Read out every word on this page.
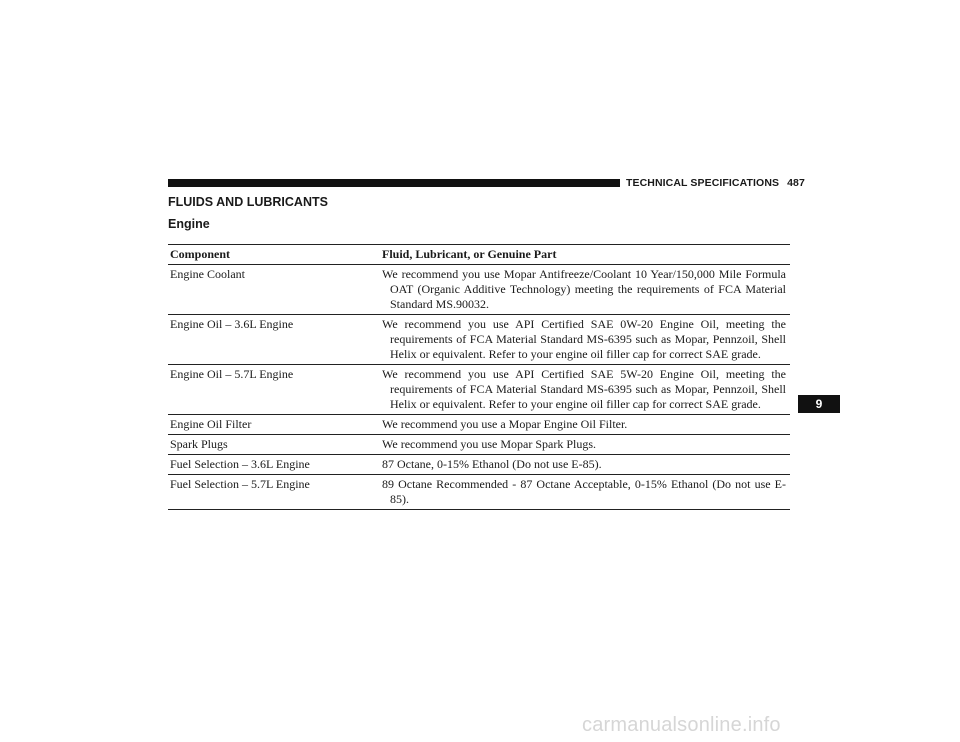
TECHNICAL SPECIFICATIONS 487
FLUIDS AND LUBRICANTS
Engine
Component	Fluid, Lubricant, or Genuine Part
Engine Coolant	We recommend you use Mopar Antifreeze/Coolant 10 Year/150,000 Mile Formula OAT (Organic Additive Technology) meeting the requirements of FCA Material Standard MS.90032.

Engine Oil – 3.6L Engine	We recommend you use API Certified SAE 0W-20 Engine Oil, meeting the requirements of FCA Material Standard MS-6395 such as Mopar, Pennzoil, Shell Helix or equivalent. Refer to your engine oil filler cap for correct SAE grade.

Engine Oil – 5.7L Engine	We recommend you use API Certified SAE 5W-20 Engine Oil, meeting the requirements of FCA Material Standard MS-6395 such as Mopar, Pennzoil, Shell Helix or equivalent. Refer to your engine oil filler cap for correct SAE grade.

Engine Oil Filter	We recommend you use a Mopar Engine Oil Filter.

Spark Plugs	We recommend you use Mopar Spark Plugs.

Fuel Selection – 3.6L Engine	87 Octane, 0-15% Ethanol (Do not use E-85).

Fuel Selection – 5.7L Engine	89 Octane Recommended - 87 Octane Acceptable, 0-15% Ethanol (Do not use E-85).
9
carmanualsonline.info
